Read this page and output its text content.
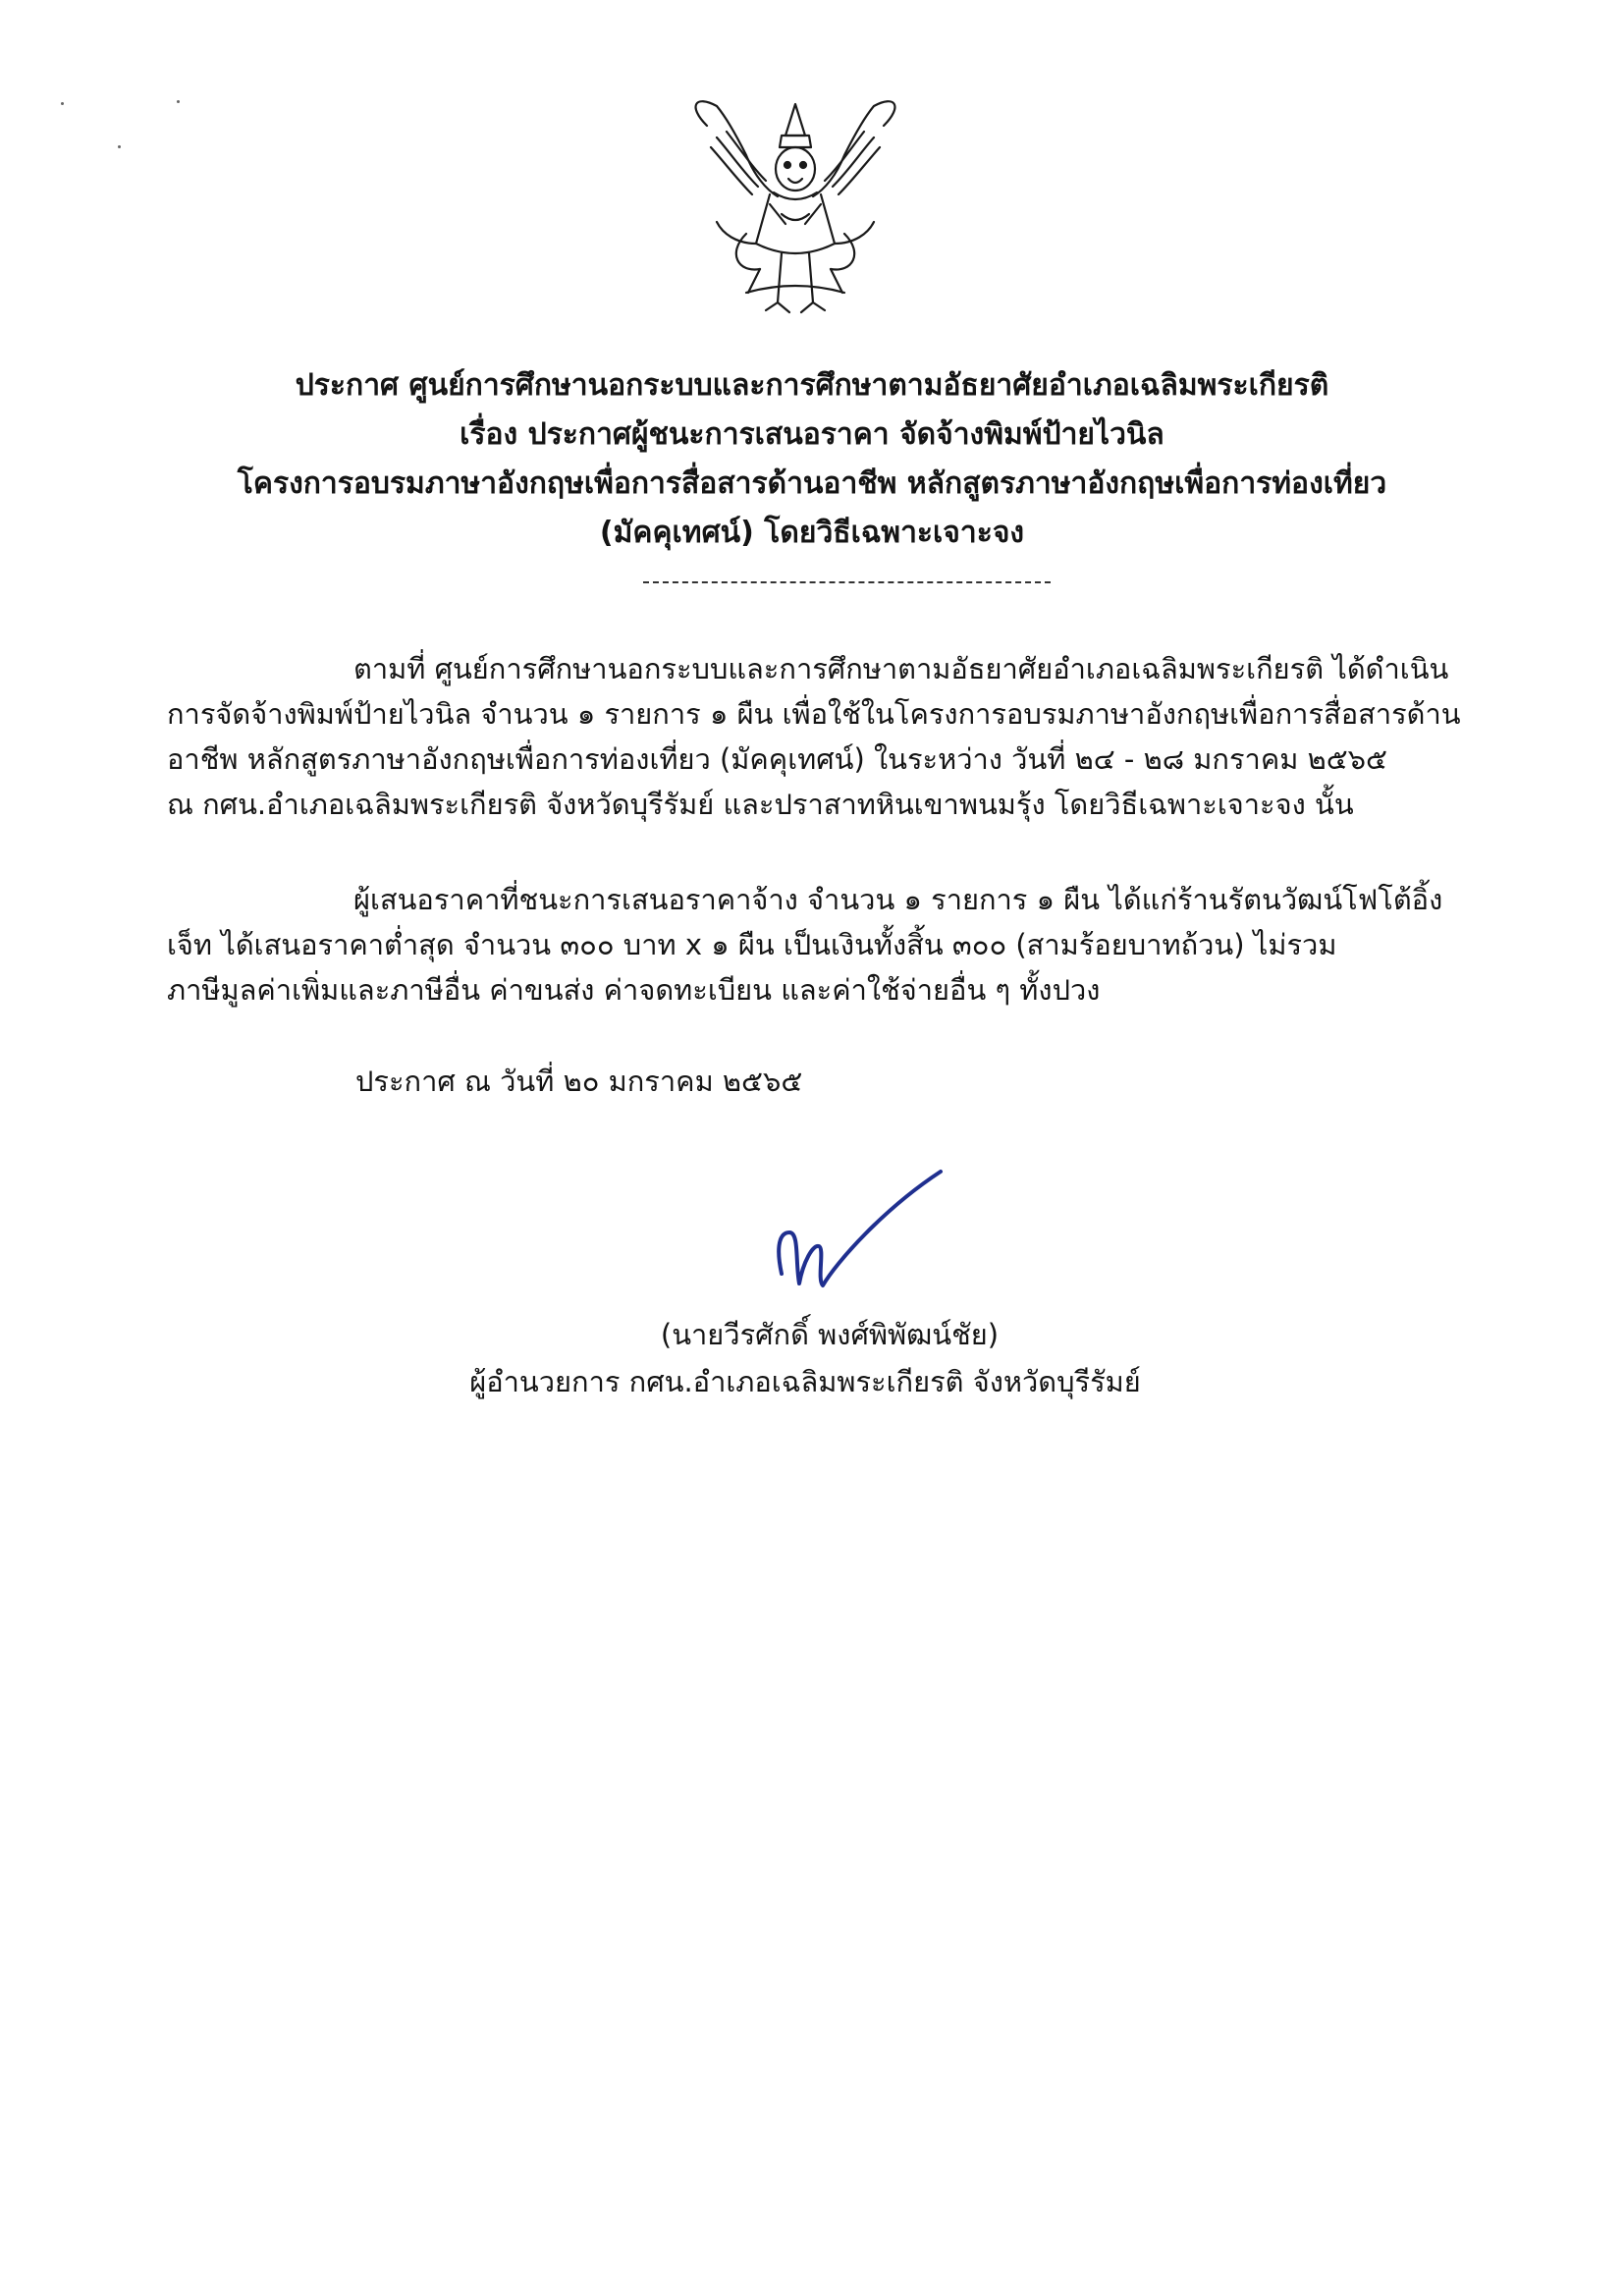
ประกาศ ศูนย์การศึกษานอกระบบและการศึกษาตามอัธยาศัยอำเภอเฉลิมพระเกียรติ
เรื่อง ประกาศผู้ชนะการเสนอราคา จัดจ้างพิมพ์ป้ายไวนิล
โครงการอบรมภาษาอังกฤษเพื่อการสื่อสารด้านอาชีพ หลักสูตรภาษาอังกฤษเพื่อการท่องเที่ยว
(มัคคุเทศน์) โดยวิธีเฉพาะเจาะจง
ตามที่ ศูนย์การศึกษานอกระบบและการศึกษาตามอัธยาศัยอำเภอเฉลิมพระเกียรติ ได้ดำเนิน
การจัดจ้างพิมพ์ป้ายไวนิล จำนวน ๑ รายการ ๑ ผืน เพื่อใช้ในโครงการอบรมภาษาอังกฤษเพื่อการสื่อสารด้าน
อาชีพ หลักสูตรภาษาอังกฤษเพื่อการท่องเที่ยว (มัคคุเทศน์) ในระหว่าง วันที่ ๒๔ - ๒๘ มกราคม ๒๕๖๕
ณ กศน.อำเภอเฉลิมพระเกียรติ จังหวัดบุรีรัมย์ และปราสาทหินเขาพนมรุ้ง โดยวิธีเฉพาะเจาะจง นั้น
ผู้เสนอราคาที่ชนะการเสนอราคาจ้าง จำนวน ๑ รายการ ๑ ผืน ได้แก่ร้านรัตนวัฒน์โฟโต้อิ้ง
เจ็ท ได้เสนอราคาต่ำสุด จำนวน ๓๐๐ บาท x ๑ ผืน เป็นเงินทั้งสิ้น ๓๐๐ (สามร้อยบาทถ้วน) ไม่รวม
ภาษีมูลค่าเพิ่มและภาษีอื่น ค่าขนส่ง ค่าจดทะเบียน และค่าใช้จ่ายอื่น ๆ ทั้งปวง
ประกาศ ณ วันที่ ๒๐ มกราคม ๒๕๖๕
(นายวีรศักดิ์ พงศ์พิพัฒน์ชัย)
ผู้อำนวยการ กศน.อำเภอเฉลิมพระเกียรติ จังหวัดบุรีรัมย์
